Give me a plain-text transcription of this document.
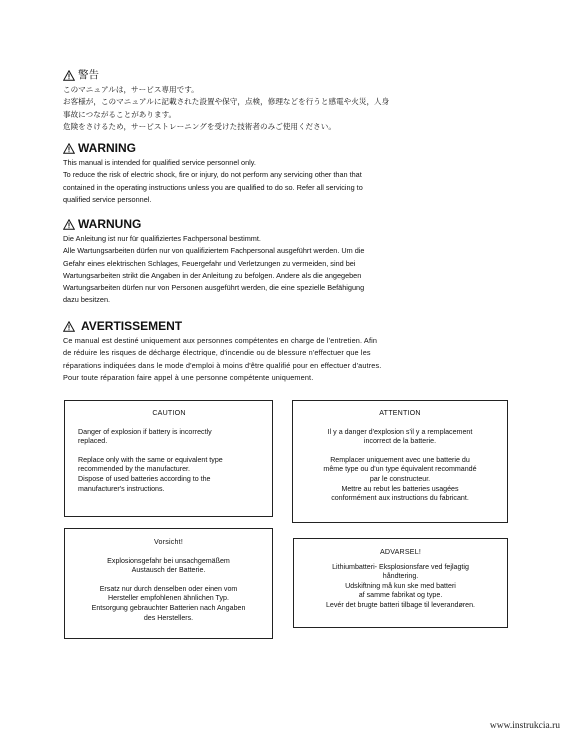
警告
このマニュアルは，サービス専用です。
お客様が，このマニュアルに記載された設置や保守，点検，修理などを行うと感電や火災，人身
事故につながることがあります。
危険をさけるため，サービストレーニングを受けた技術者のみご使用ください。
WARNING
This manual is intended for qualified service personnel only.
To reduce the risk of electric shock, fire or injury, do not perform any servicing other than that
contained in the operating instructions unless you are qualified to do so. Refer all servicing to
qualified service personnel.
WARNUNG
Die Anleitung ist nur für qualifiziertes Fachpersonal bestimmt.
Alle Wartungsarbeiten dürfen nur von qualifiziertem Fachpersonal ausgeführt werden. Um die
Gefahr eines elektrischen Schlages, Feuergefahr und Verletzungen zu vermeiden, sind bei
Wartungsarbeiten strikt die Angaben in der Anleitung zu befolgen. Andere als die angegeben
Wartungsarbeiten dürfen nur von Personen ausgeführt werden, die eine spezielle Befähigung
dazu besitzen.
AVERTISSEMENT
Ce manual est destiné uniquement aux personnes compétentes en charge de l'entretien. Afin
de réduire les risques de décharge électrique, d'incendie ou de blessure n'effectuer que les
réparations indiquées dans le mode d'emploi à moins d'être qualifié pour en effectuer d'autres.
Pour toute réparation faire appel à une personne compétente uniquement.
CAUTION
Danger of explosion if battery is incorrectly
replaced.
Replace only with the same or equivalent type
recommended by the manufacturer.
Dispose of used batteries according to the
manufacturer's instructions.
ATTENTION
Il y a danger d'explosion s'il y a remplacement
incorrect de la batterie.
Remplacer uniquement avec une batterie du
même type ou d'un type équivalent recommandé
par le constructeur.
Mettre au rebut les batteries usagées
conformément aux instructions du fabricant.
Vorsicht!
Explosionsgefahr bei unsachgemäßem
Austausch der Batterie.
Ersatz nur durch denselben oder einen vom
Hersteller empfohlenen ähnlichen Typ.
Entsorgung gebrauchter Batterien nach Angaben
des Herstellers.
ADVARSEL!
Lithiumbatteri- Eksplosionsfare ved fejlagtig
håndtering.
Udskiftning må kun ske med batteri
af samme fabrikat og type.
Levér det brugte batteri tilbage til leverandøren.
www.instrukcia.ru
